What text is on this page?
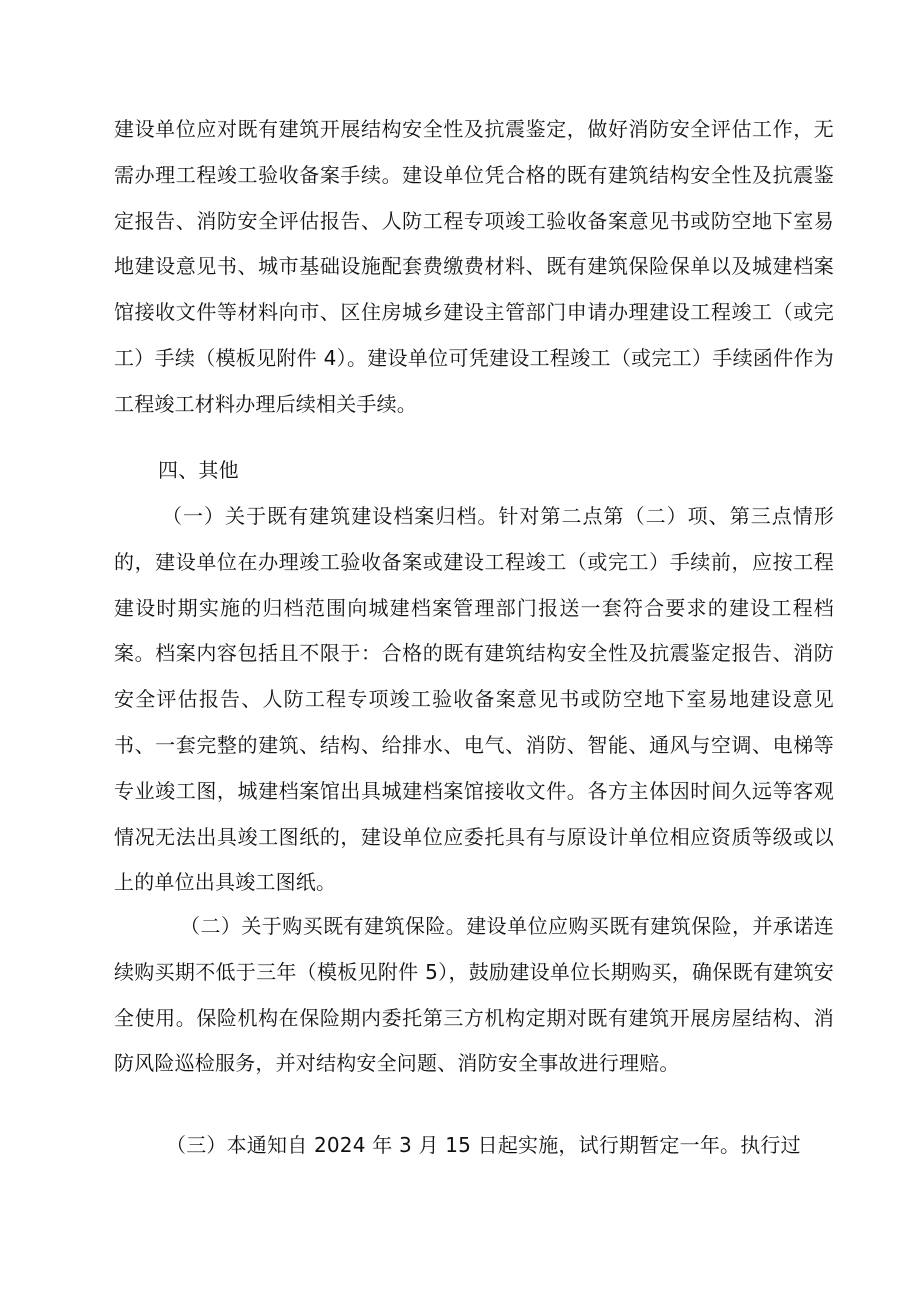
建设单位应对既有建筑开展结构安全性及抗震鉴定，做好消防安全评估工作，无需办理工程竣工验收备案手续。建设单位凭合格的既有建筑结构安全性及抗震鉴定报告、消防安全评估报告、人防工程专项竣工验收备案意见书或防空地下室易地建设意见书、城市基础设施配套费缴费材料、既有建筑保险保单以及城建档案馆接收文件等材料向市、区住房城乡建设主管部门申请办理建设工程竣工（或完工）手续（模板见附件 4）。建设单位可凭建设工程竣工（或完工）手续函件作为工程竣工材料办理后续相关手续。

四、其他

（一）关于既有建筑建设档案归档。针对第二点第（二）项、第三点情形的，建设单位在办理竣工验收备案或建设工程竣工（或完工）手续前，应按工程建设时期实施的归档范围向城建档案管理部门报送一套符合要求的建设工程档案。档案内容包括且不限于：合格的既有建筑结构安全性及抗震鉴定报告、消防安全评估报告、人防工程专项竣工验收备案意见书或防空地下室易地建设意见书、一套完整的建筑、结构、给排水、电气、消防、智能、通风与空调、电梯等专业竣工图，城建档案馆出具城建档案馆接收文件。各方主体因时间久远等客观情况无法出具竣工图纸的，建设单位应委托具有与原设计单位相应资质等级或以上的单位出具竣工图纸。

（二）关于购买既有建筑保险。建设单位应购买既有建筑保险，并承诺连续购买期不低于三年（模板见附件 5），鼓励建设单位长期购买，确保既有建筑安全使用。保险机构在保险期内委托第三方机构定期对既有建筑开展房屋结构、消防风险巡检服务，并对结构安全问题、消防安全事故进行理赔。

（三）本通知自 2024 年 3 月 15 日起实施，试行期暂定一年。执行过
